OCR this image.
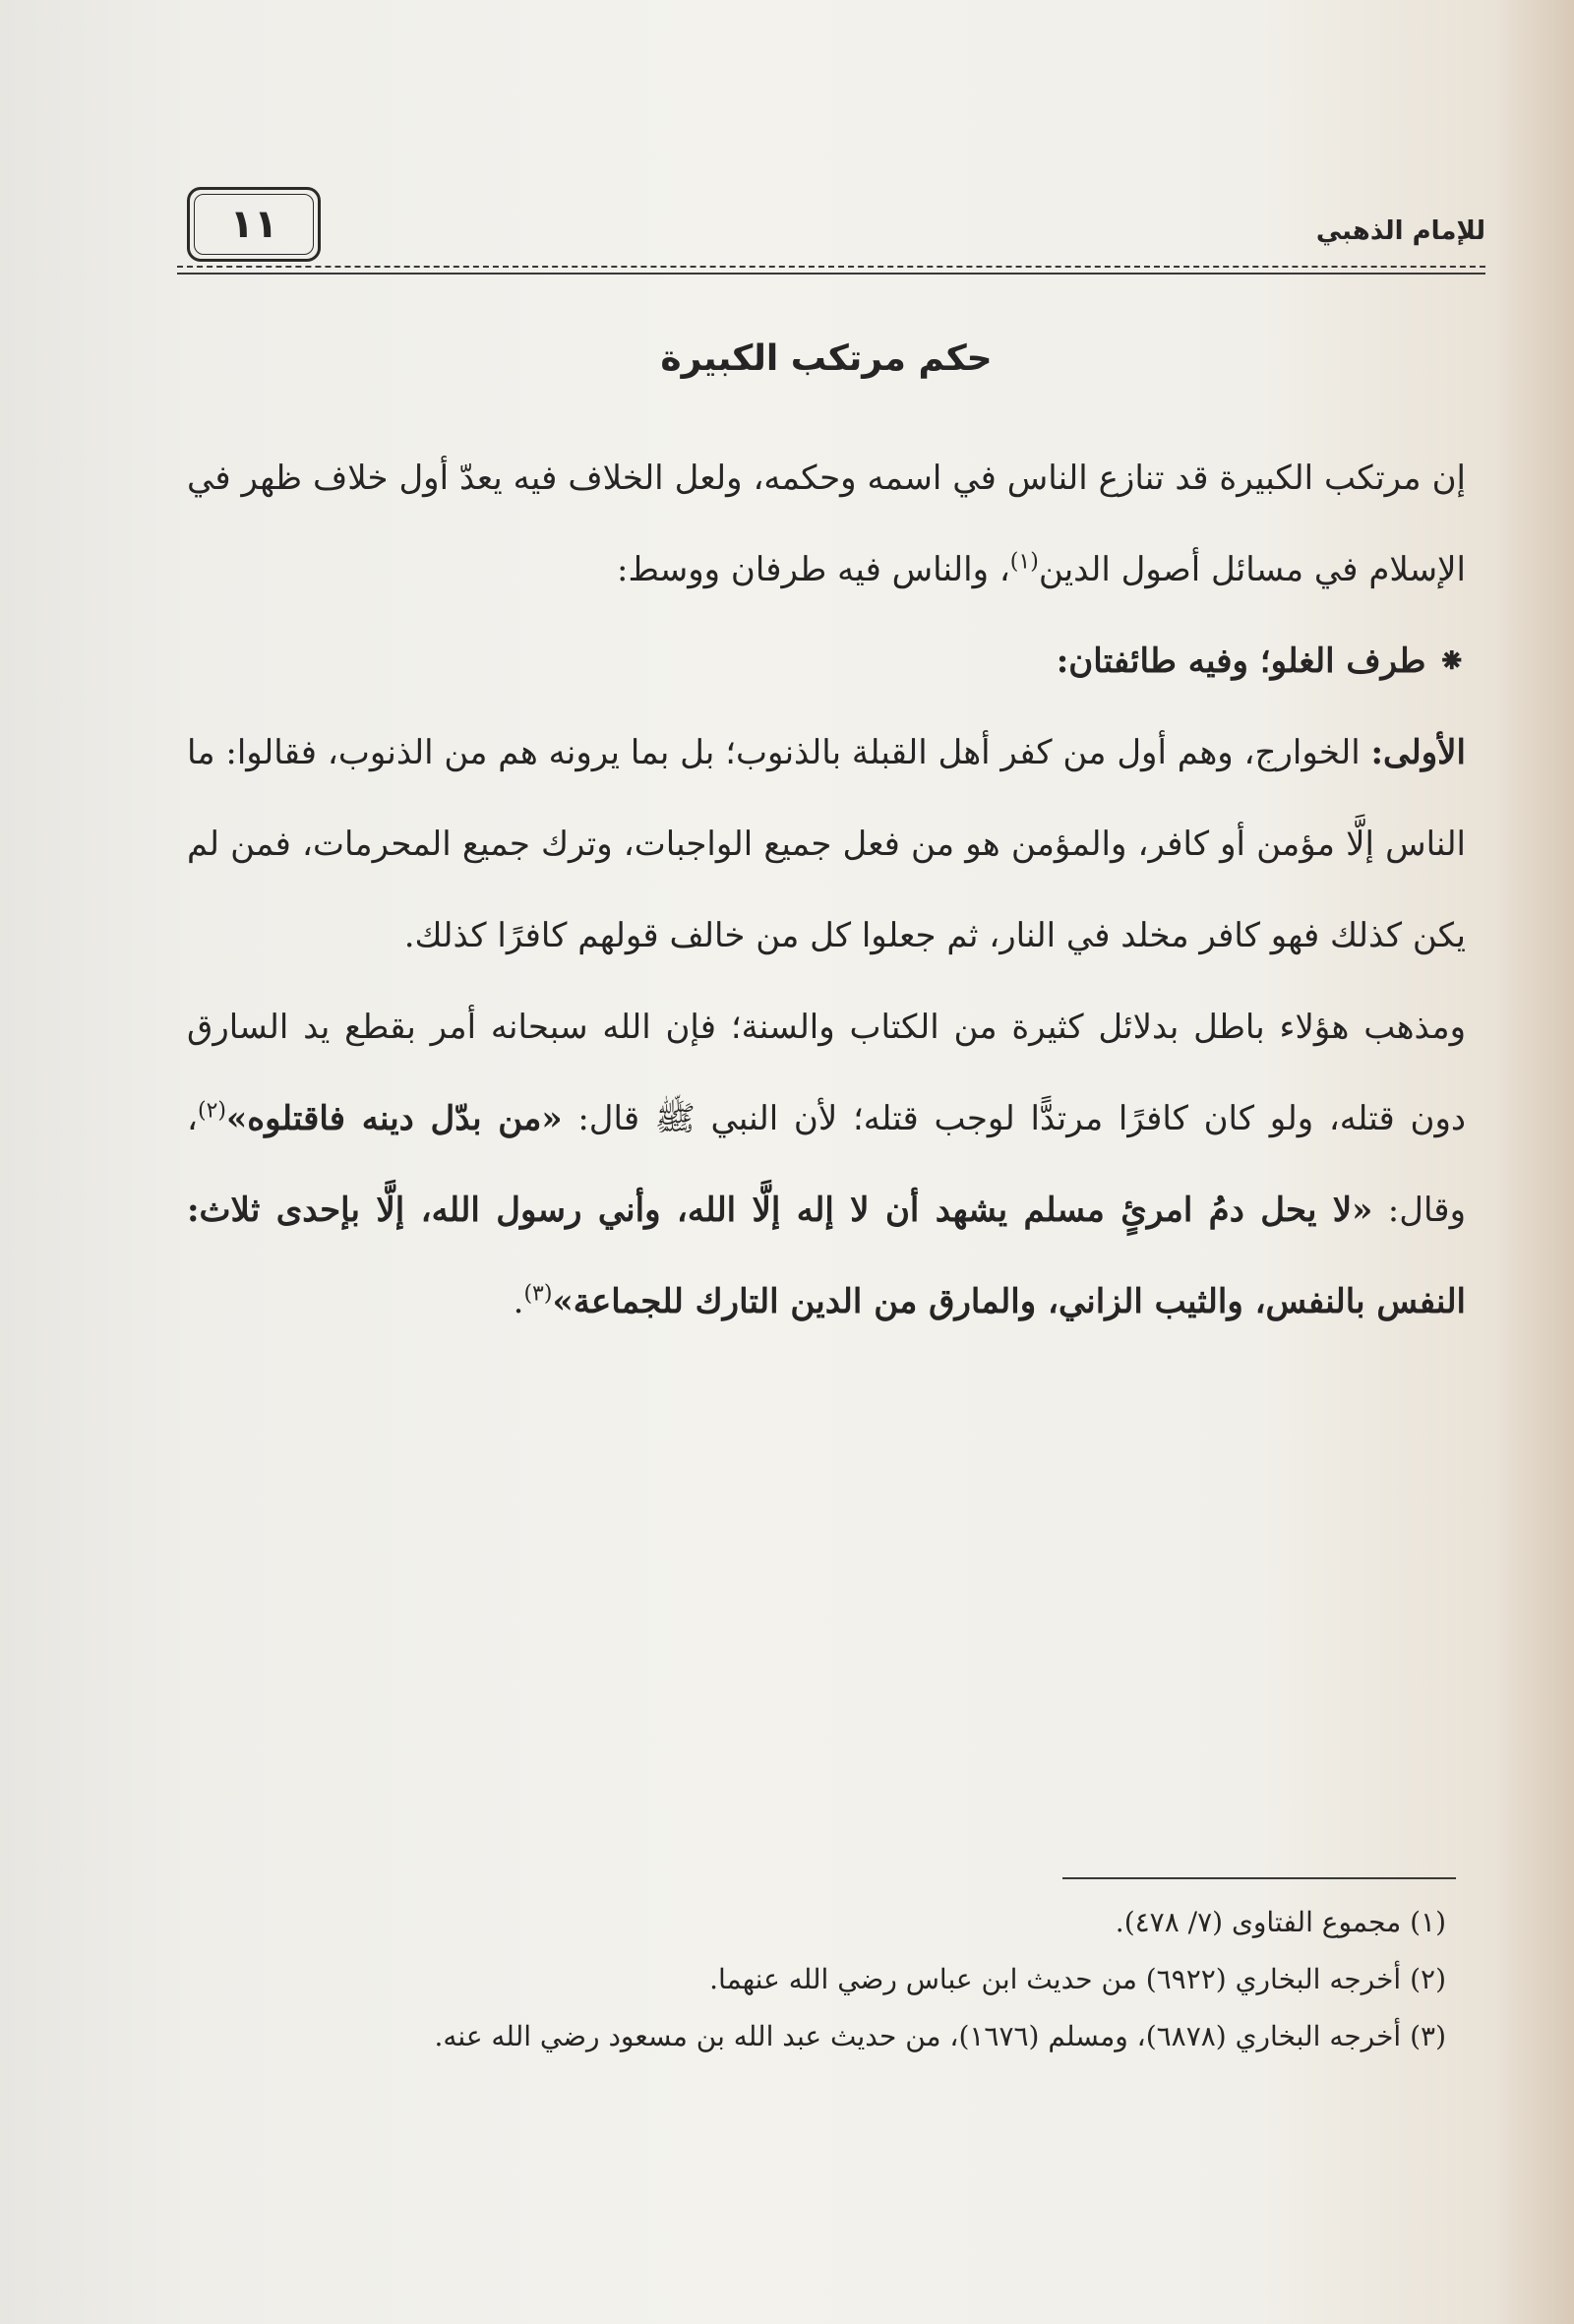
١١	للإمام الذهبي
حكم مرتكب الكبيرة

إن مرتكب الكبيرة قد تنازع الناس في اسمه وحكمه، ولعل الخلاف فيه يعدّ أول خلاف ظهر في الإسلام في مسائل أصول الدين$^{(١)}$، والناس فيه طرفان ووسط:

⁕طرف الغلو؛ وفيه طائفتان:

الأولى: الخوارج، وهم أول من كفر أهل القبلة بالذنوب؛ بل بما يرونه هم من الذنوب، فقالوا: ما الناس إلَّا مؤمن أو كافر، والمؤمن هو من فعل جميع الواجبات، وترك جميع المحرمات، فمن لم يكن كذلك فهو كافر مخلد في النار، ثم جعلوا كل من خالف قولهم كافرًا كذلك.

ومذهب هؤلاء باطل بدلائل كثيرة من الكتاب والسنة؛ فإن الله سبحانه أمر بقطع يد السارق دون قتله، ولو كان كافرًا مرتدًّا لوجب قتله؛ لأن النبي ﷺ قال: «من بدّل دينه فاقتلوه»$^{(٢)}$، وقال: «لا يحل دمُ امرئٍ مسلم يشهد أن لا إله إلَّا الله، وأني رسول الله، إلَّا بإحدى ثلاث: النفس بالنفس، والثيب الزاني، والمارق من الدين التارك للجماعة»$^{(٣)}$.

(١) مجموع الفتاوى (٧/ ٤٧٨).

(٢) أخرجه البخاري (٦٩٢٢) من حديث ابن عباس رضي الله عنهما.

(٣) أخرجه البخاري (٦٨٧٨)، ومسلم (١٦٧٦)، من حديث عبد الله بن مسعود رضي الله عنه.
